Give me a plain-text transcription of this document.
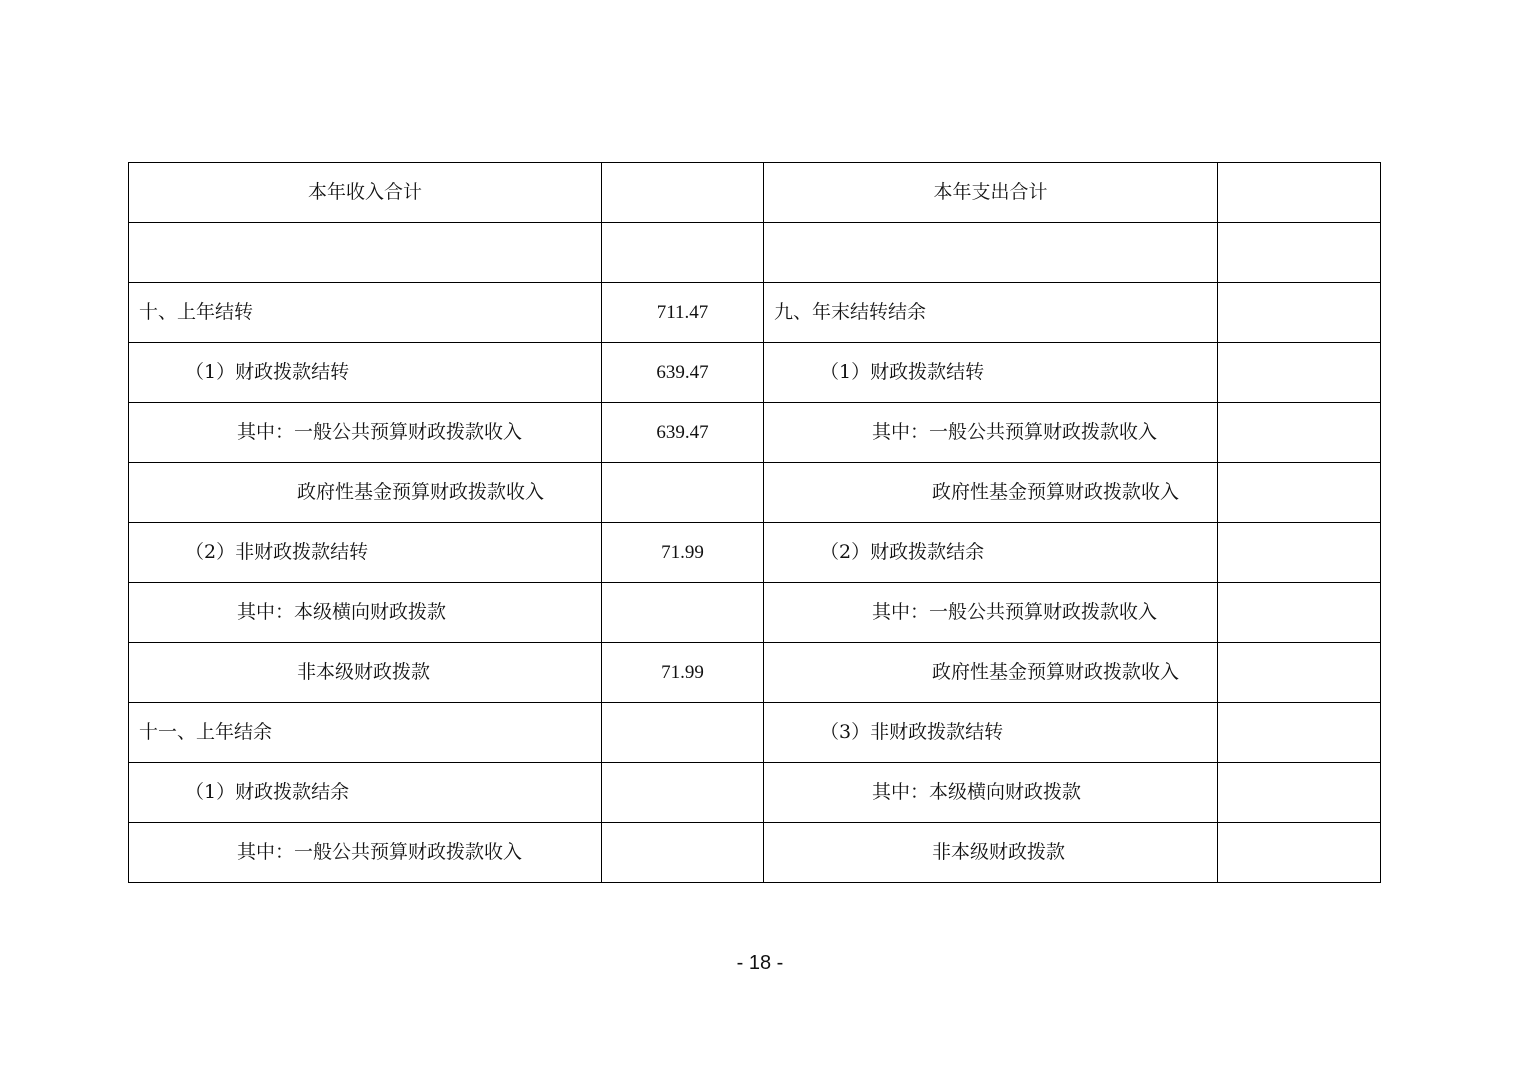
本年收入合计		本年支出合计	

十、上年结转	711.47	九、年末结转结余	
（1）财政拨款结转	639.47	（1）财政拨款结转	
其中：一般公共预算财政拨款收入	639.47	其中：一般公共预算财政拨款收入	
政府性基金预算财政拨款收入		政府性基金预算财政拨款收入	
（2）非财政拨款结转	71.99	（2）财政拨款结余	
其中：本级横向财政拨款		其中：一般公共预算财政拨款收入	
非本级财政拨款	71.99	政府性基金预算财政拨款收入	
十一、上年结余		（3）非财政拨款结转	
（1）财政拨款结余		其中：本级横向财政拨款	
其中：一般公共预算财政拨款收入		非本级财政拨款	
- 18 -
